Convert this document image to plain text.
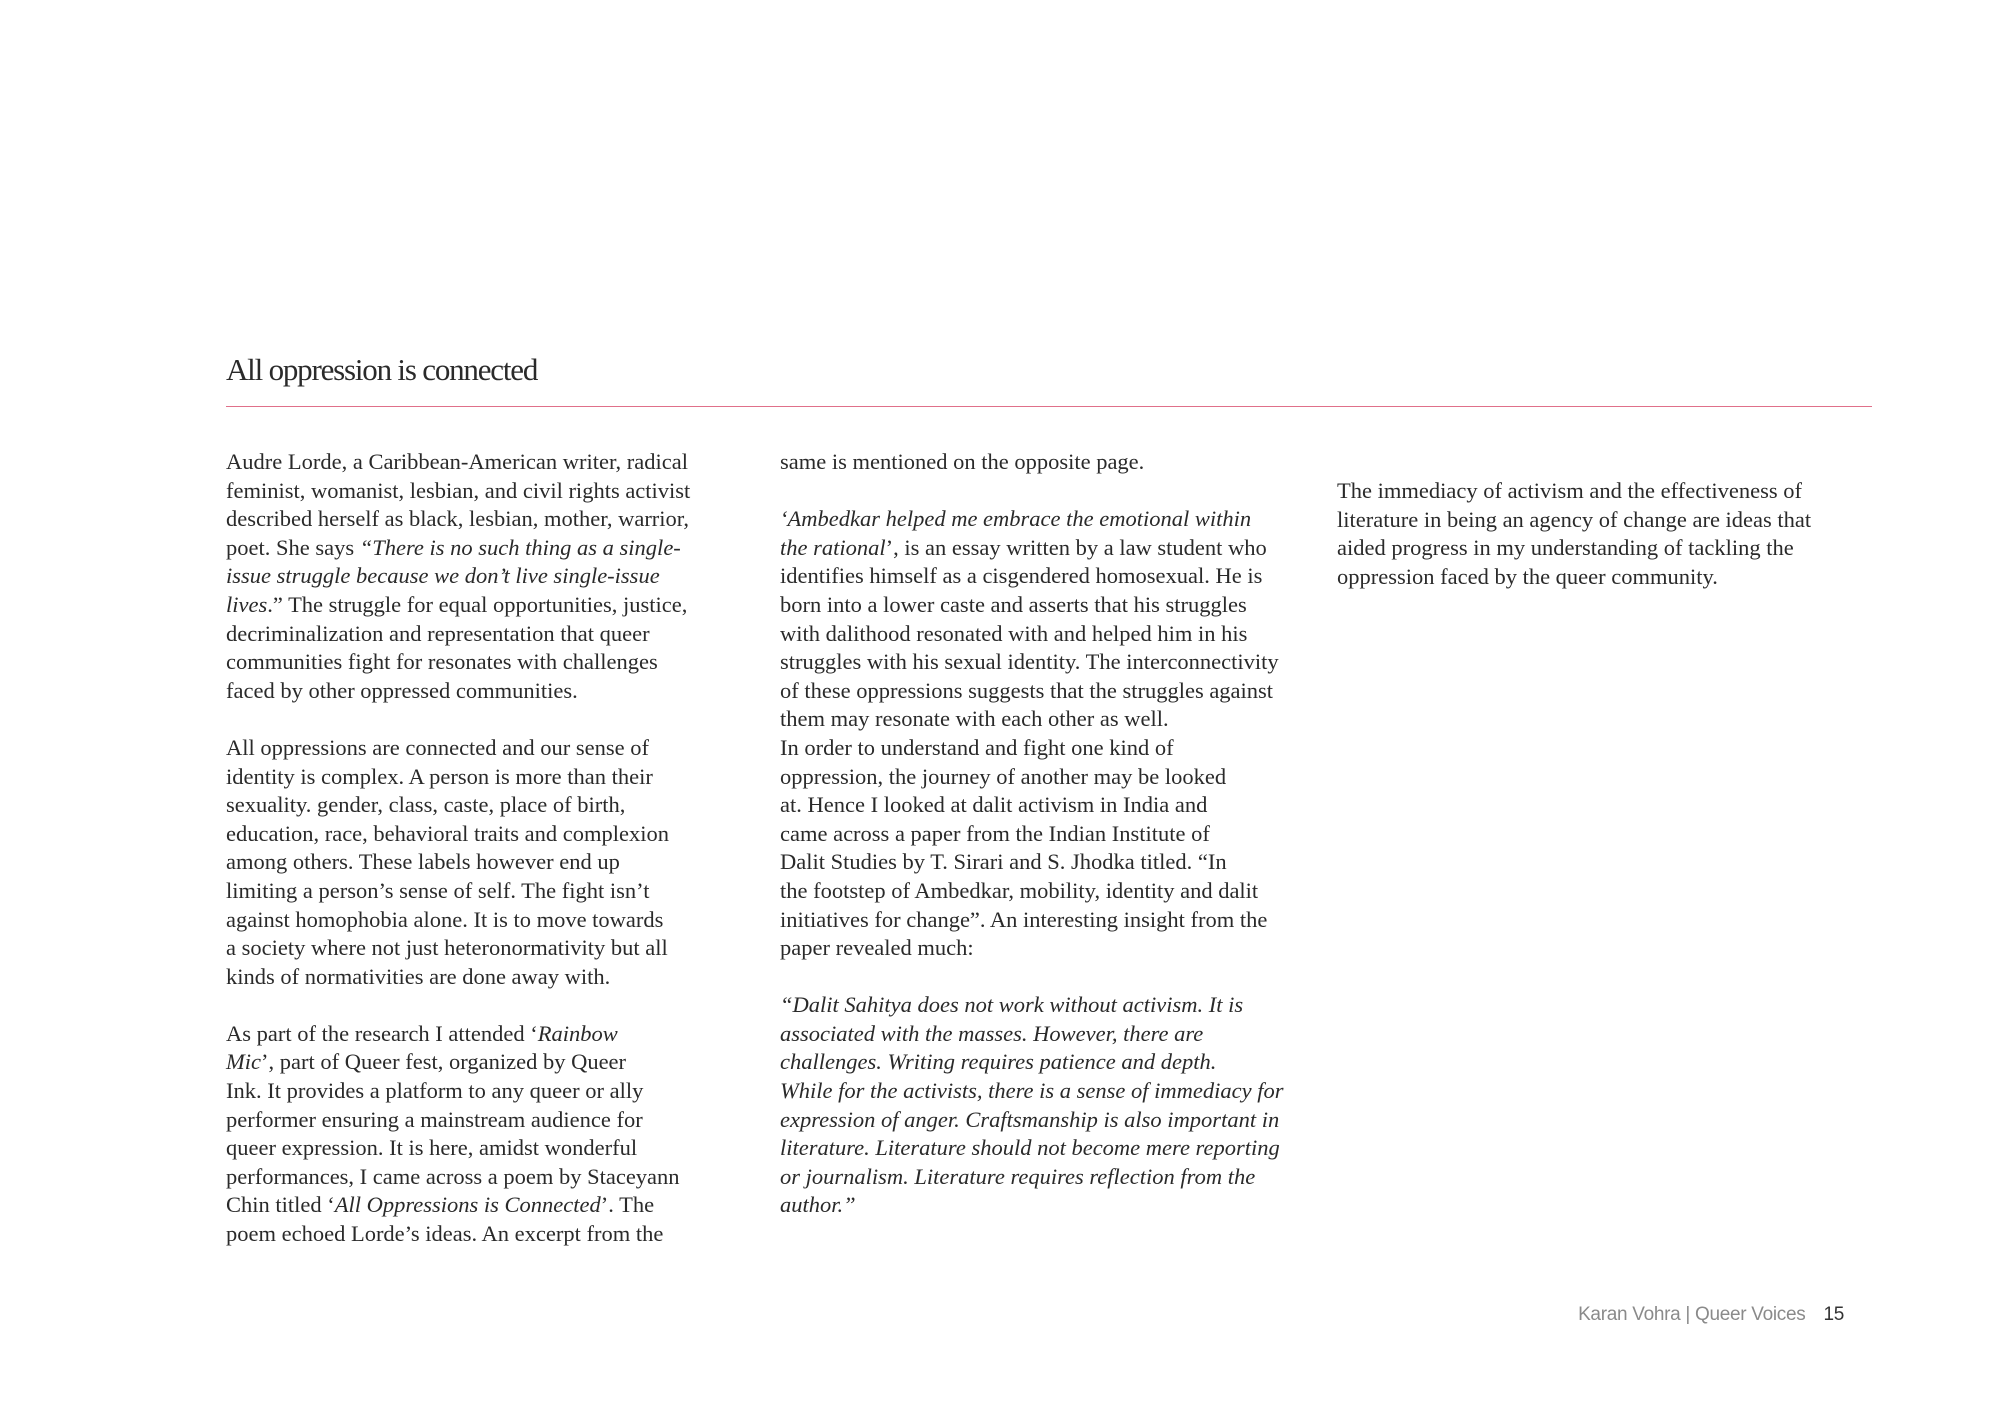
All oppression is connected

Audre Lorde, a Caribbean-American writer, radical
feminist, womanist, lesbian, and civil rights activist
described herself as black, lesbian, mother, warrior,
poet. She says “There is no such thing as a single-
issue struggle because we don’t live single-issue
lives.” The struggle for equal opportunities, justice,
decriminalization and representation that queer
communities fight for resonates with challenges
faced by other oppressed communities.

All oppressions are connected and our sense of
identity is complex. A person is more than their
sexuality. gender, class, caste, place of birth,
education, race, behavioral traits and complexion
among others. These labels however end up
limiting a person’s sense of self. The fight isn’t
against homophobia alone. It is to move towards
a society where not just heteronormativity but all
kinds of normativities are done away with.

As part of the research I attended ‘Rainbow
Mic’, part of Queer fest, organized by Queer
Ink. It provides a platform to any queer or ally
performer ensuring a mainstream audience for
queer expression. It is here, amidst wonderful
performances, I came across a poem by Staceyann
Chin titled ‘All Oppressions is Connected’. The
poem echoed Lorde’s ideas. An excerpt from the

same is mentioned on the opposite page.

‘Ambedkar helped me embrace the emotional within
the rational’, is an essay written by a law student who
identifies himself as a cisgendered homosexual. He is
born into a lower caste and asserts that his struggles
with dalithood resonated with and helped him in his
struggles with his sexual identity. The interconnectivity
of these oppressions suggests that the struggles against
them may resonate with each other as well.
In order to understand and fight one kind of
oppression, the journey of another may be looked
at. Hence I looked at dalit activism in India and
came across a paper from the Indian Institute of
Dalit Studies by T. Sirari and S. Jhodka titled. “In
the footstep of Ambedkar, mobility, identity and dalit
initiatives for change”. An interesting insight from the
paper revealed much:

“Dalit Sahitya does not work without activism. It is
associated with the masses. However, there are
challenges. Writing requires patience and depth.
While for the activists, there is a sense of immediacy for
expression of anger. Craftsmanship is also important in
literature. Literature should not become mere reporting
or journalism. Literature requires reflection from the
author.”

The immediacy of activism and the effectiveness of
literature in being an agency of change are ideas that
aided progress in my understanding of tackling the
oppression faced by the queer community.

Karan Vohra | Queer Voices 15
